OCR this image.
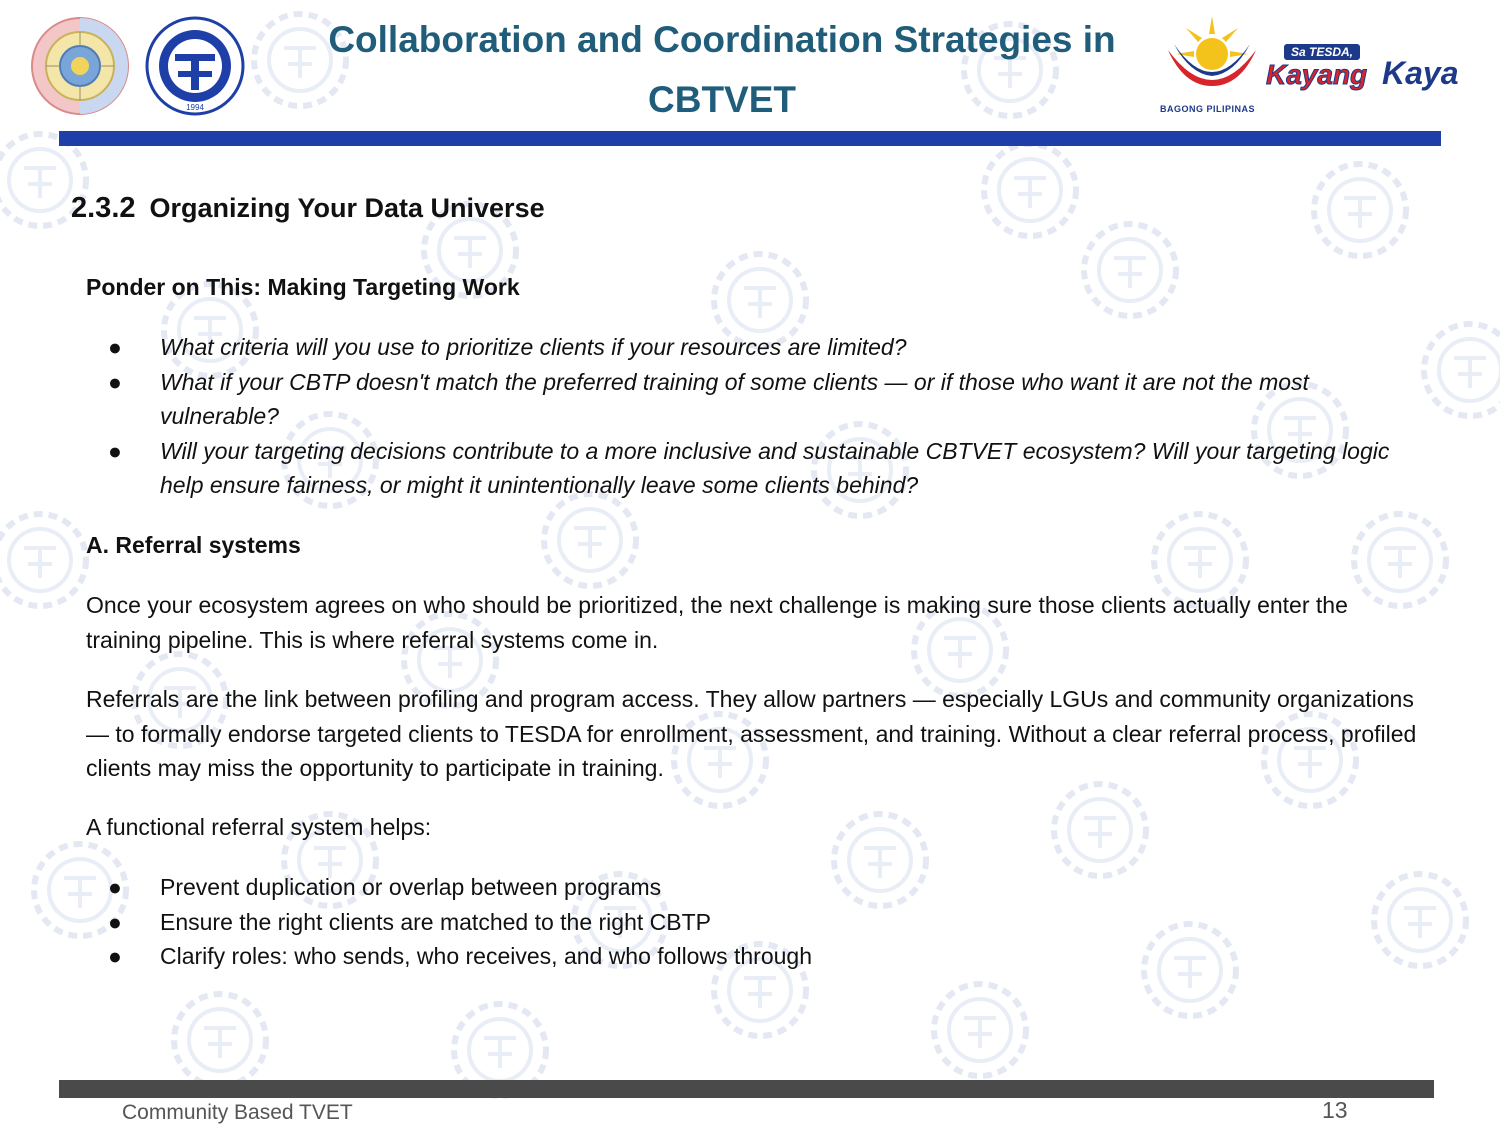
1994	BAGONG PILIPINAS
Sa TESDA,
Kayang Kaya
Collaboration and Coordination Strategies in
CBTVET
2.3.2 Organizing Your Data Universe
Ponder on This: Making Targeting Work
● What criteria will you use to prioritize clients if your resources are limited?
● What if your CBTP doesn't match the preferred training of some clients — or if those who want it are not the most vulnerable?
● Will your targeting decisions contribute to a more inclusive and sustainable CBTVET ecosystem? Will your targeting logic help ensure fairness, or might it unintentionally leave some clients behind?
A. Referral systems
Once your ecosystem agrees on who should be prioritized, the next challenge is making sure those clients actually enter the training pipeline. This is where referral systems come in.
Referrals are the link between profiling and program access. They allow partners — especially LGUs and community organizations — to formally endorse targeted clients to TESDA for enrollment, assessment, and training. Without a clear referral process, profiled clients may miss the opportunity to participate in training.
A functional referral system helps:
● Prevent duplication or overlap between programs
● Ensure the right clients are matched to the right CBTP
● Clarify roles: who sends, who receives, and who follows through
Community Based TVET	13
